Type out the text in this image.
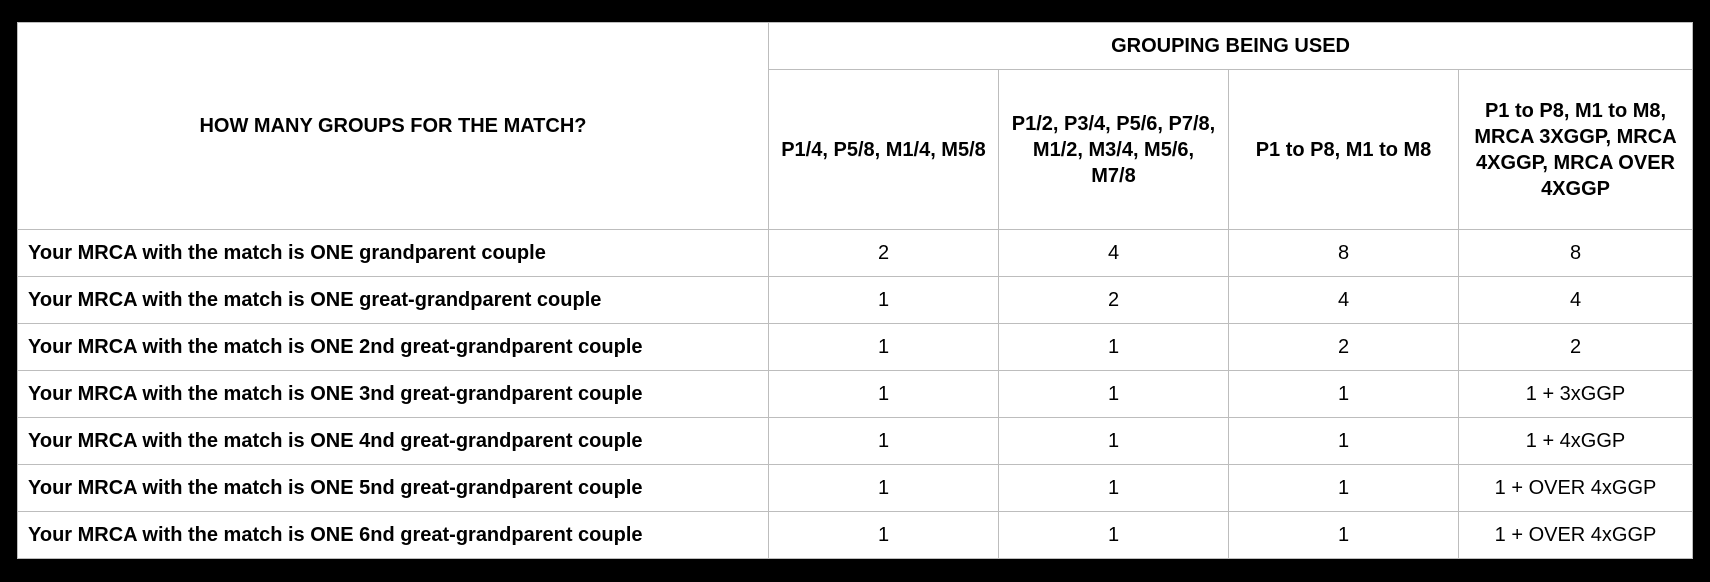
HOW MANY GROUPS FOR THE MATCH?	GROUPING BEING USED			
	P1/4, P5/8, M1/4, M5/8	P1/2, P3/4, P5/6, P7/8, M1/2, M3/4, M5/6, M7/8	P1 to P8, M1 to M8	P1 to P8, M1 to M8, MRCA 3XGGP, MRCA 4XGGP, MRCA OVER 4XGGP
Your MRCA with the match is ONE grandparent couple	2	4	8	8
Your MRCA with the match is ONE great-grandparent couple	1	2	4	4
Your MRCA with the match is ONE 2nd great-grandparent couple	1	1	2	2
Your MRCA with the match is ONE 3nd great-grandparent couple	1	1	1	1 + 3xGGP
Your MRCA with the match is ONE 4nd great-grandparent couple	1	1	1	1 + 4xGGP
Your MRCA with the match is ONE 5nd great-grandparent couple	1	1	1	1 + OVER 4xGGP
Your MRCA with the match is ONE 6nd great-grandparent couple	1	1	1	1 + OVER 4xGGP
